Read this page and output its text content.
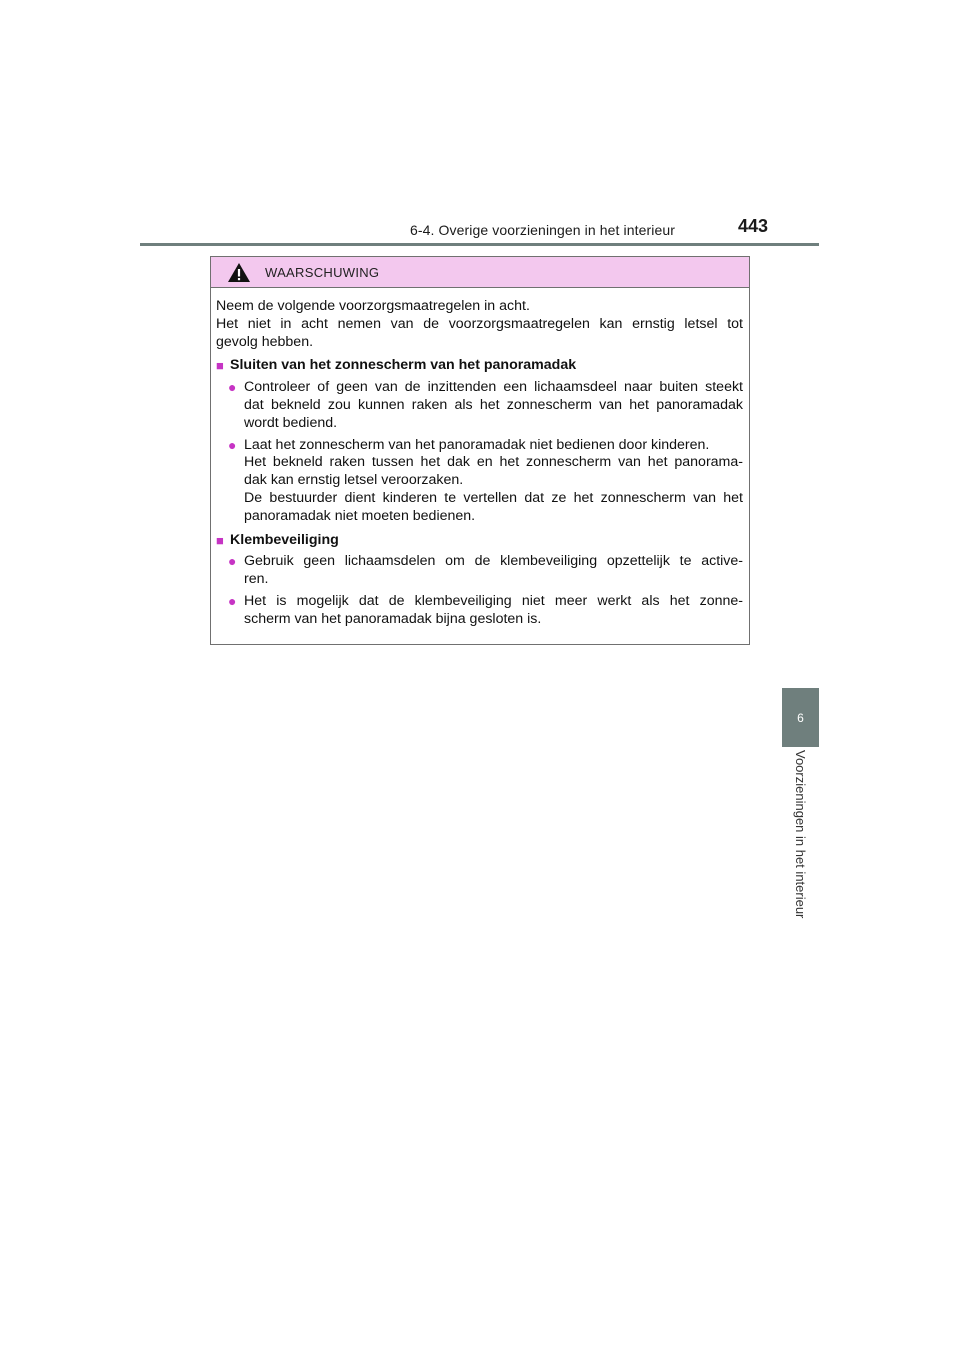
6-4. Overige voorzieningen in het interieur	443
6
Voorzieningen in het interieur
WAARSCHUWING
Neem de volgende voorzorgsmaatregelen in acht.
Het niet in acht nemen van de voorzorgsmaatregelen kan ernstig letsel tot
gevolg hebben.
■ Sluiten van het zonnescherm van het panoramadak
● Controleer of geen van de inzittenden een lichaamsdeel naar buiten steekt
dat bekneld zou kunnen raken als het zonnescherm van het panoramadak
wordt bediend.
● Laat het zonnescherm van het panoramadak niet bedienen door kinderen.
Het bekneld raken tussen het dak en het zonnescherm van het panorama-
dak kan ernstig letsel veroorzaken.
De bestuurder dient kinderen te vertellen dat ze het zonnescherm van het
panoramadak niet moeten bedienen.
■ Klembeveiliging
● Gebruik geen lichaamsdelen om de klembeveiliging opzettelijk te active-
ren.
● Het is mogelijk dat de klembeveiliging niet meer werkt als het zonne-
scherm van het panoramadak bijna gesloten is.
